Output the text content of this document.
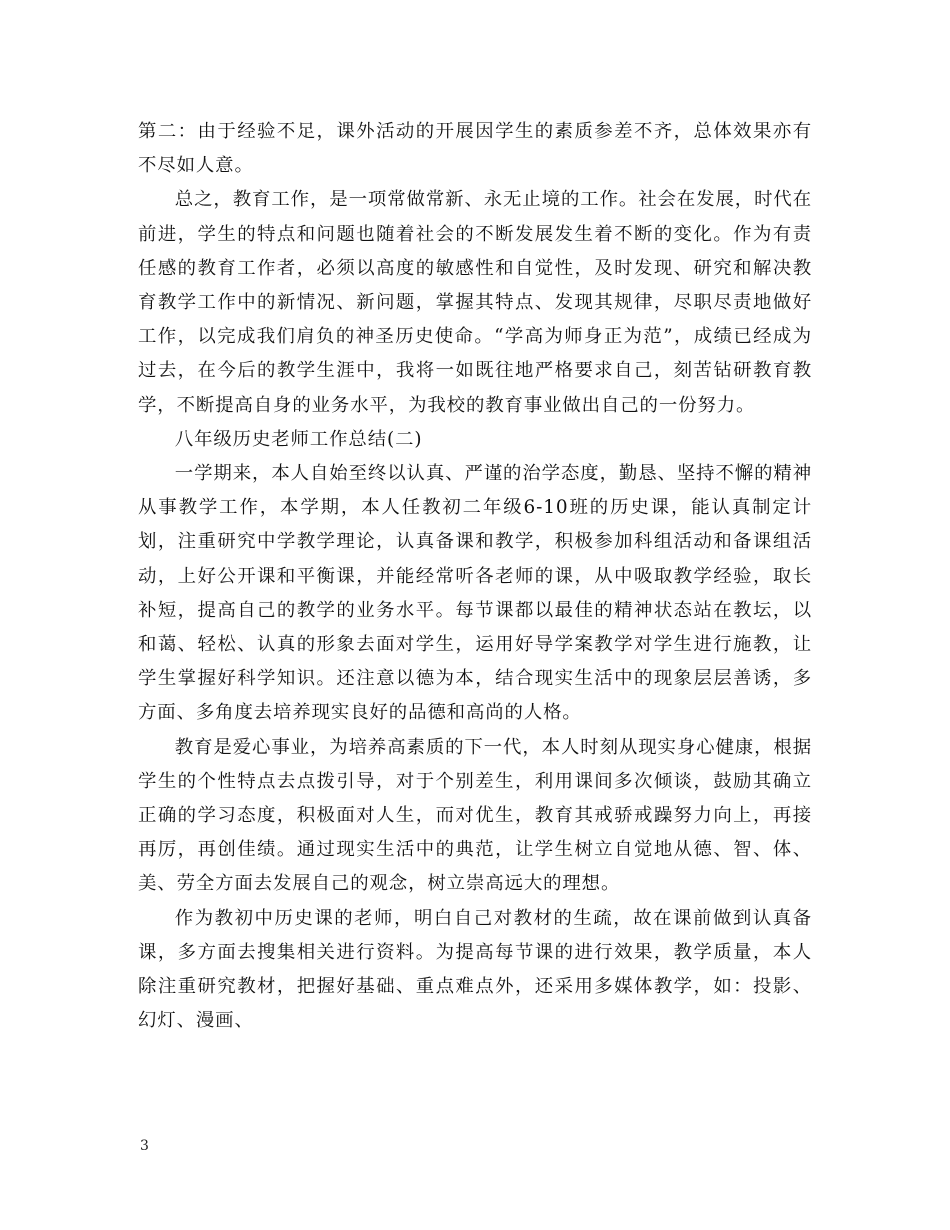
第二：由于经验不足，课外活动的开展因学生的素质参差不齐，总体效果亦有不尽如人意。

总之，教育工作，是一项常做常新、永无止境的工作。社会在发展，时代在前进，学生的特点和问题也随着社会的不断发展发生着不断的变化。作为有责任感的教育工作者，必须以高度的敏感性和自觉性，及时发现、研究和解决教育教学工作中的新情况、新问题，掌握其特点、发现其规律，尽职尽责地做好工作，以完成我们肩负的神圣历史使命。“学高为师身正为范”，成绩已经成为过去，在今后的教学生涯中，我将一如既往地严格要求自己，刻苦钻研教育教学，不断提高自身的业务水平，为我校的教育事业做出自己的一份努力。

八年级历史老师工作总结(二)

一学期来，本人自始至终以认真、严谨的治学态度，勤恳、坚持不懈的精神从事教学工作，本学期，本人任教初二年级6-10班的历史课，能认真制定计划，注重研究中学教学理论，认真备课和教学，积极参加科组活动和备课组活动，上好公开课和平衡课，并能经常听各老师的课，从中吸取教学经验，取长补短，提高自己的教学的业务水平。每节课都以最佳的精神状态站在教坛，以和蔼、轻松、认真的形象去面对学生，运用好导学案教学对学生进行施教，让学生掌握好科学知识。还注意以德为本，结合现实生活中的现象层层善诱，多方面、多角度去培养现实良好的品德和高尚的人格。

教育是爱心事业，为培养高素质的下一代，本人时刻从现实身心健康，根据学生的个性特点去点拨引导，对于个别差生，利用课间多次倾谈，鼓励其确立正确的学习态度，积极面对人生，而对优生，教育其戒骄戒躁努力向上，再接再厉，再创佳绩。通过现实生活中的典范，让学生树立自觉地从德、智、体、美、劳全方面去发展自己的观念，树立崇高远大的理想。

作为教初中历史课的老师，明白自己对教材的生疏，故在课前做到认真备课，多方面去搜集相关进行资料。为提高每节课的进行效果，教学质量，本人除注重研究教材，把握好基础、重点难点外，还采用多媒体教学，如：投影、幻灯、漫画、

3
